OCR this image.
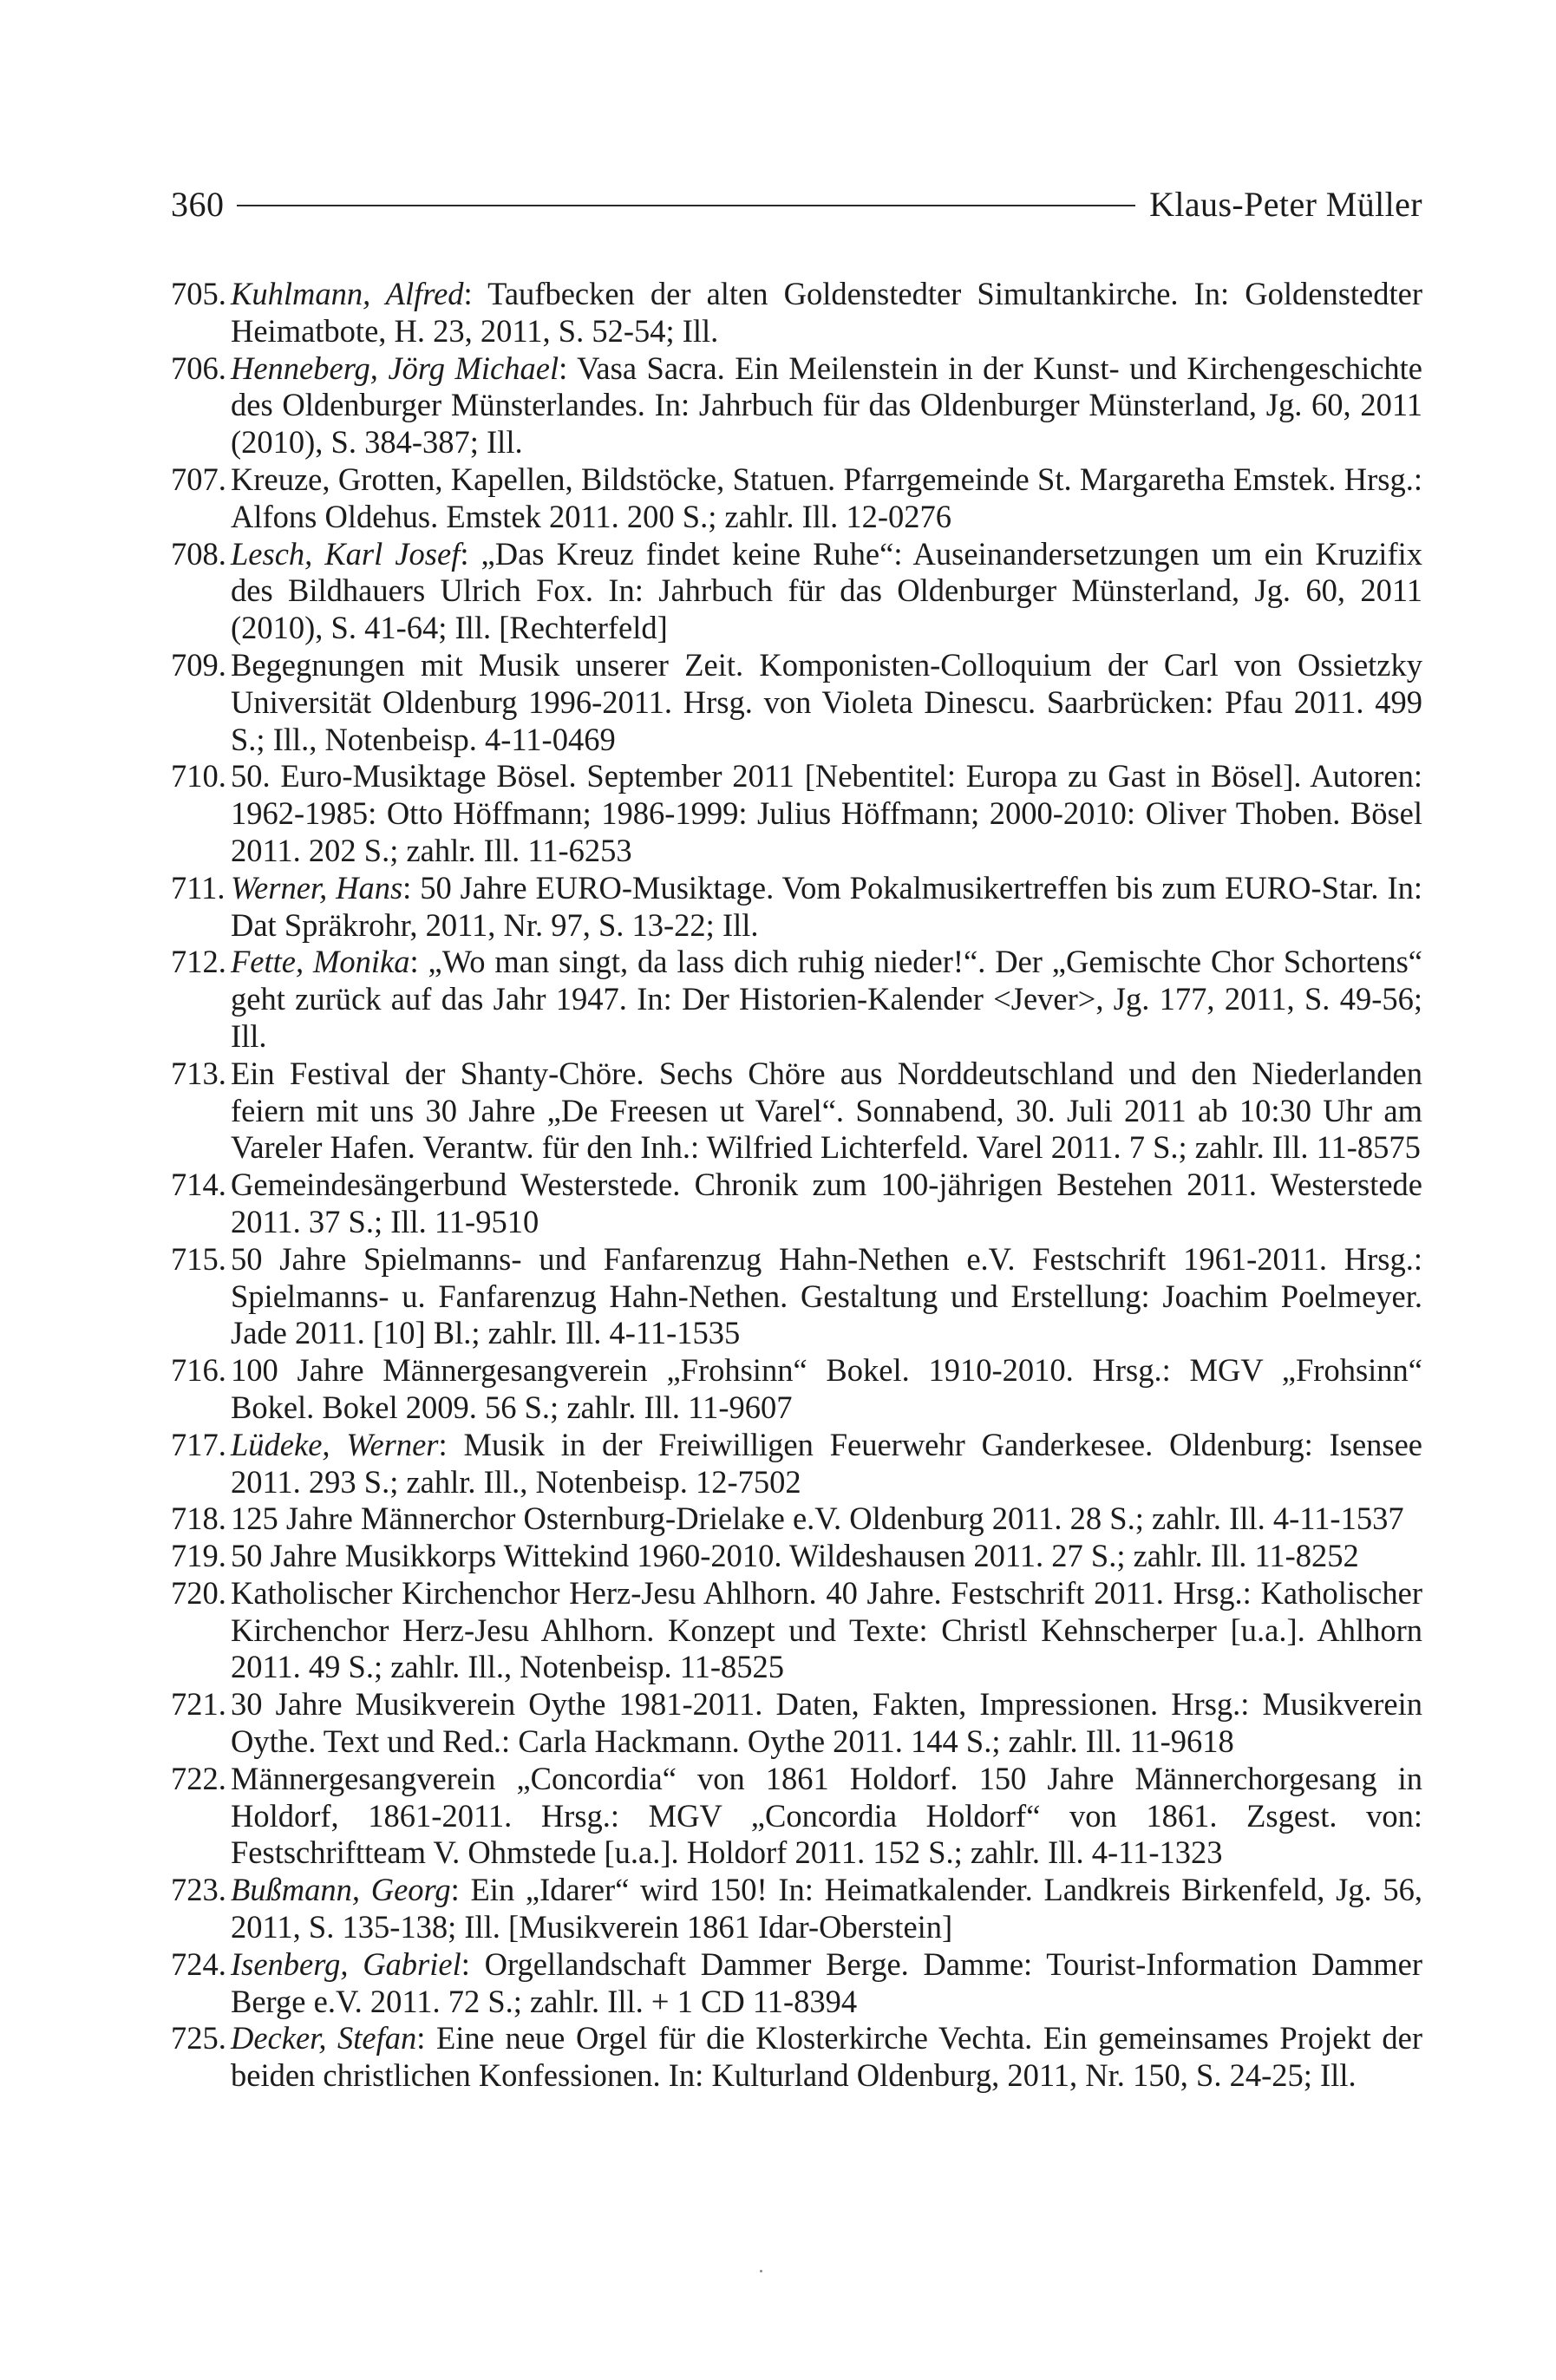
360	Klaus-Peter Müller
705. Kuhlmann, Alfred: Taufbecken der alten Goldenstedter Simultankirche. In: Goldenstedter Heimatbote, H. 23, 2011, S. 52-54; Ill.
706. Henneberg, Jörg Michael: Vasa Sacra. Ein Meilenstein in der Kunst- und Kirchengeschichte des Oldenburger Münsterlandes. In: Jahrbuch für das Oldenburger Münsterland, Jg. 60, 2011 (2010), S. 384-387; Ill.
707. Kreuze, Grotten, Kapellen, Bildstöcke, Statuen. Pfarrgemeinde St. Margaretha Emstek. Hrsg.: Alfons Oldehus. Emstek 2011. 200 S.; zahlr. Ill. 12-0276
708. Lesch, Karl Josef: „Das Kreuz findet keine Ruhe“: Auseinandersetzungen um ein Kruzifix des Bildhauers Ulrich Fox. In: Jahrbuch für das Oldenburger Münsterland, Jg. 60, 2011 (2010), S. 41-64; Ill. [Rechterfeld]
709. Begegnungen mit Musik unserer Zeit. Komponisten-Colloquium der Carl von Ossietzky Universität Oldenburg 1996-2011. Hrsg. von Violeta Dinescu. Saarbrücken: Pfau 2011. 499 S.; Ill., Notenbeisp. 4-11-0469
710. 50. Euro-Musiktage Bösel. September 2011 [Nebentitel: Europa zu Gast in Bösel]. Autoren: 1962-1985: Otto Höffmann; 1986-1999: Julius Höffmann; 2000-2010: Oliver Thoben. Bösel 2011. 202 S.; zahlr. Ill. 11-6253
711. Werner, Hans: 50 Jahre EURO-Musiktage. Vom Pokalmusikertreffen bis zum EURO-Star. In: Dat Spräkrohr, 2011, Nr. 97, S. 13-22; Ill.
712. Fette, Monika: „Wo man singt, da lass dich ruhig nieder!“. Der „Gemischte Chor Schortens“ geht zurück auf das Jahr 1947. In: Der Historien-Kalender <Jever>, Jg. 177, 2011, S. 49-56; Ill.
713. Ein Festival der Shanty-Chöre. Sechs Chöre aus Norddeutschland und den Niederlanden feiern mit uns 30 Jahre „De Freesen ut Varel“. Sonnabend, 30. Juli 2011 ab 10:30 Uhr am Vareler Hafen. Verantw. für den Inh.: Wilfried Lichterfeld. Varel 2011. 7 S.; zahlr. Ill. 11-8575
714. Gemeindesängerbund Westerstede. Chronik zum 100-jährigen Bestehen 2011. Westerstede 2011. 37 S.; Ill. 11-9510
715. 50 Jahre Spielmanns- und Fanfarenzug Hahn-Nethen e.V. Festschrift 1961-2011. Hrsg.: Spielmanns- u. Fanfarenzug Hahn-Nethen. Gestaltung und Erstellung: Joachim Poelmeyer. Jade 2011. [10] Bl.; zahlr. Ill. 4-11-1535
716. 100 Jahre Männergesangverein „Frohsinn“ Bokel. 1910-2010. Hrsg.: MGV „Frohsinn“ Bokel. Bokel 2009. 56 S.; zahlr. Ill. 11-9607
717. Lüdeke, Werner: Musik in der Freiwilligen Feuerwehr Ganderkesee. Oldenburg: Isensee 2011. 293 S.; zahlr. Ill., Notenbeisp. 12-7502
718. 125 Jahre Männerchor Osternburg-Drielake e.V. Oldenburg 2011. 28 S.; zahlr. Ill. 4-11-1537
719. 50 Jahre Musikkorps Wittekind 1960-2010. Wildeshausen 2011. 27 S.; zahlr. Ill. 11-8252
720. Katholischer Kirchenchor Herz-Jesu Ahlhorn. 40 Jahre. Festschrift 2011. Hrsg.: Katholischer Kirchenchor Herz-Jesu Ahlhorn. Konzept und Texte: Christl Kehnscherper [u.a.]. Ahlhorn 2011. 49 S.; zahlr. Ill., Notenbeisp. 11-8525
721. 30 Jahre Musikverein Oythe 1981-2011. Daten, Fakten, Impressionen. Hrsg.: Musikverein Oythe. Text und Red.: Carla Hackmann. Oythe 2011. 144 S.; zahlr. Ill. 11-9618
722. Männergesangverein „Concordia“ von 1861 Holdorf. 150 Jahre Männerchorgesang in Holdorf, 1861-2011. Hrsg.: MGV „Concordia Holdorf“ von 1861. Zsgest. von: Festschriftteam V. Ohmstede [u.a.]. Holdorf 2011. 152 S.; zahlr. Ill. 4-11-1323
723. Bußmann, Georg: Ein „Idarer“ wird 150! In: Heimatkalender. Landkreis Birkenfeld, Jg. 56, 2011, S. 135-138; Ill. [Musikverein 1861 Idar-Oberstein]
724. Isenberg, Gabriel: Orgellandschaft Dammer Berge. Damme: Tourist-Information Dammer Berge e.V. 2011. 72 S.; zahlr. Ill. + 1 CD 11-8394
725. Decker, Stefan: Eine neue Orgel für die Klosterkirche Vechta. Ein gemeinsames Projekt der beiden christlichen Konfessionen. In: Kulturland Oldenburg, 2011, Nr. 150, S. 24-25; Ill.
